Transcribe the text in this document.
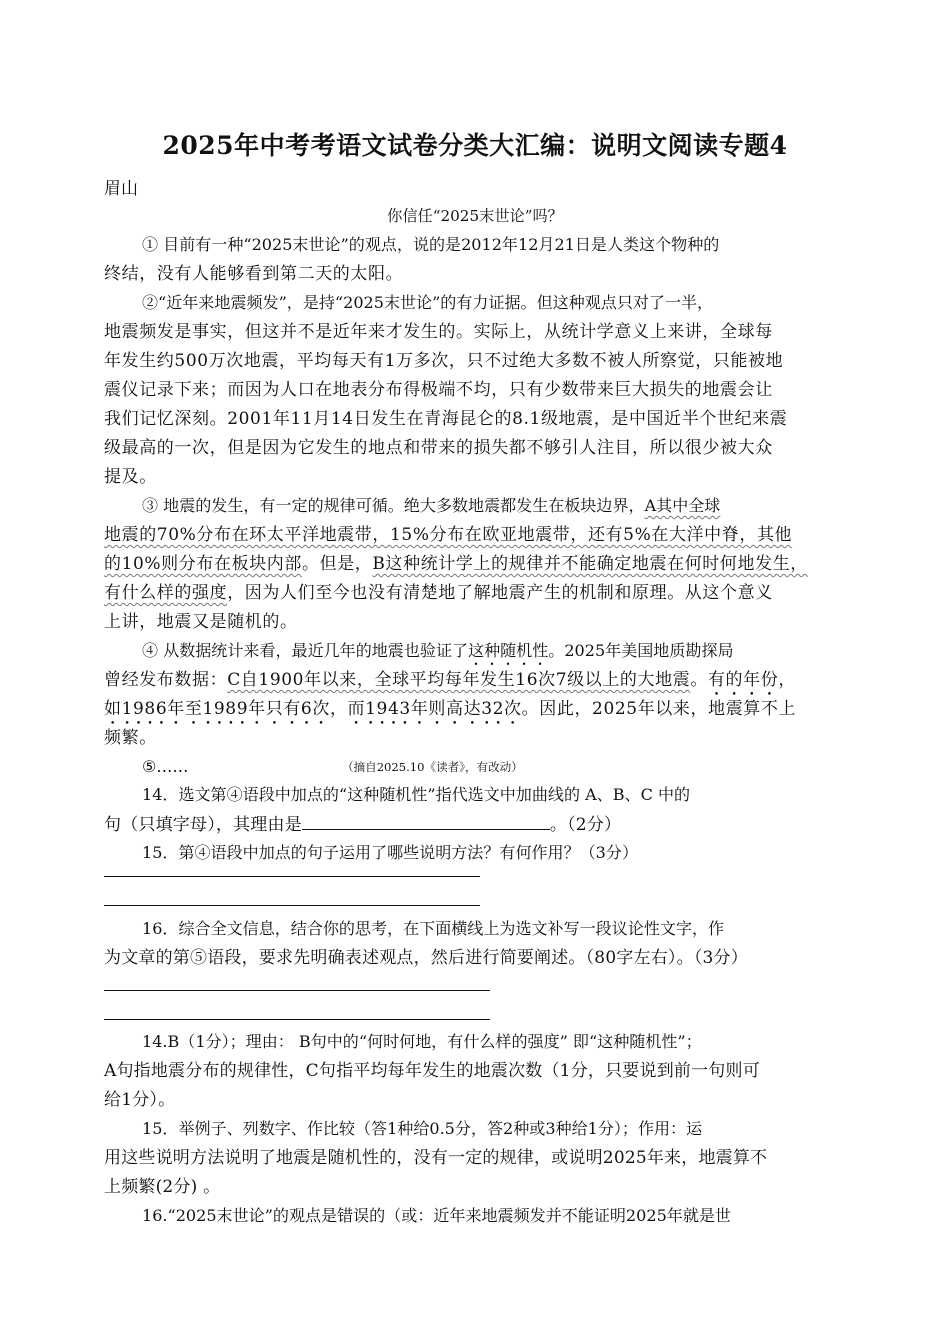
2025年中考考语文试卷分类大汇编：说明文阅读专题4
眉山
你信任“2025末世论”吗？
① 目前有一种“2025末世论”的观点，说的是2012年12月21日是人类这个物种的
终结，没有人能够看到第二天的太阳。
②“近年来地震频发”，是持“2025末世论”的有力证据。但这种观点只对了一半，
地震频发是事实，但这并不是近年来才发生的。实际上，从统计学意义上来讲，全球每
年发生约500万次地震，平均每天有1万多次，只不过绝大多数不被人所察觉，只能被地
震仪记录下来；而因为人口在地表分布得极端不均，只有少数带来巨大损失的地震会让
我们记忆深刻。2001年11月14日发生在青海昆仑的8.1级地震，是中国近半个世纪来震
级最高的一次，但是因为它发生的地点和带来的损失都不够引人注目，所以很少被大众
提及。
③ 地震的发生，有一定的规律可循。绝大多数地震都发生在板块边界，A其中全球
地震的70%分布在环太平洋地震带，15%分布在欧亚地震带，还有5%在大洋中脊，其他
的10%则分布在板块内部。但是，B这种统计学上的规律并不能确定地震在何时何地发生，
有什么样的强度，因为人们至今也没有清楚地了解地震产生的机制和原理。从这个意义
上讲，地震又是随机的。
④ 从数据统计来看，最近几年的地震也验证了这种随机性。2025年美国地质勘探局
曾经发布数据：C自1900年以来，全球平均每年发生16次7级以上的大地震。有的年份，
如1986年至1989年只有6次，而1943年则高达32次。因此，2025年以来，地震算不上
频繁。
⑤……	（摘自2025.10《读者》，有改动）
14．选文第④语段中加点的“这种随机性”指代选文中加曲线的 A、B、C 中的
句（只填字母），其理由是	。（2分）
15．第④语段中加点的句子运用了哪些说明方法？有何作用？（3分）
16．综合全文信息，结合你的思考，在下面横线上为选文补写一段议论性文字，作
为文章的第⑤语段，要求先明确表述观点，然后进行简要阐述。（80字左右）。（3分）
14.B（1分）；理由： B句中的“何时何地，有什么样的强度” 即“这种随机性”；
A句指地震分布的规律性，C句指平均每年发生的地震次数（1分，只要说到前一句则可
给1分）。
15．举例子、列数字、作比较（答1种给0.5分，答2种或3种给1分）；作用：运
用这些说明方法说明了地震是随机性的，没有一定的规律，或说明2025年来，地震算不
上频繁(2分) 。
16.“2025末世论”的观点是错误的（或：近年来地震频发并不能证明2025年就是世
